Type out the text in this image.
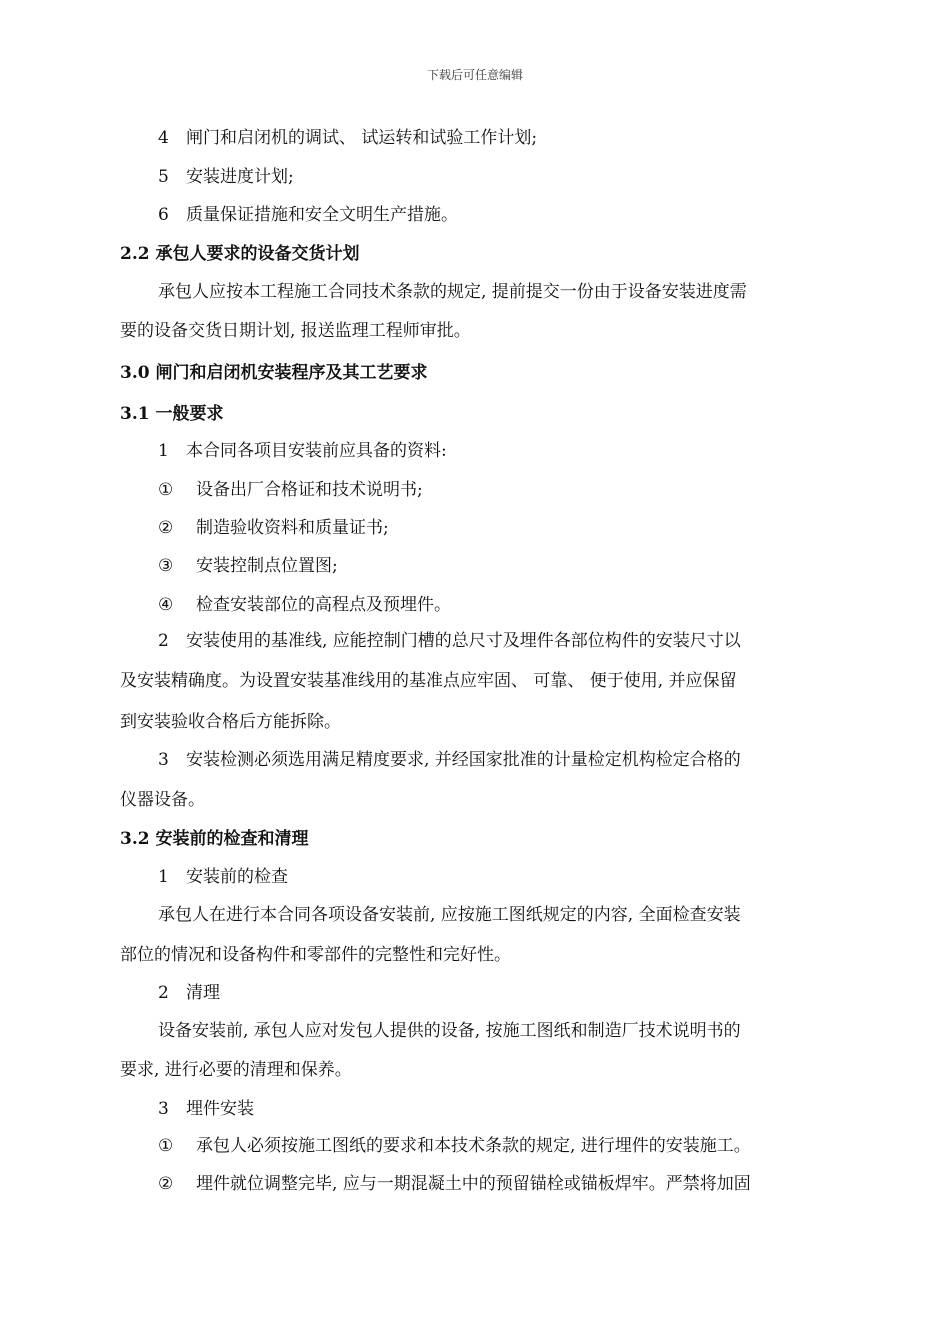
下载后可任意编辑
4 闸门和启闭机的调试、 试运转和试验工作计划;
5 安装进度计划;
6 质量保证措施和安全文明生产措施。
2.2 承包人要求的设备交货计划
承包人应按本工程施工合同技术条款的规定, 提前提交一份由于设备安装进度需
要的设备交货日期计划, 报送监理工程师审批。
3.0 闸门和启闭机安装程序及其工艺要求
3.1 一般要求
1 本合同各项目安装前应具备的资料:
① 设备出厂合格证和技术说明书;
② 制造验收资料和质量证书;
③ 安装控制点位置图;
④ 检查安装部位的高程点及预埋件。
2 安装使用的基准线, 应能控制门槽的总尺寸及埋件各部位构件的安装尺寸以
及安装精确度。为设置安装基准线用的基准点应牢固、 可靠、 便于使用, 并应保留
到安装验收合格后方能拆除。
3 安装检测必须选用满足精度要求, 并经国家批准的计量检定机构检定合格的
仪器设备。
3.2 安装前的检查和清理
1 安装前的检查
承包人在进行本合同各项设备安装前, 应按施工图纸规定的内容, 全面检查安装
部位的情况和设备构件和零部件的完整性和完好性。
2 清理
设备安装前, 承包人应对发包人提供的设备, 按施工图纸和制造厂技术说明书的
要求, 进行必要的清理和保养。
3 埋件安装
① 承包人必须按施工图纸的要求和本技术条款的规定, 进行埋件的安装施工。
② 埋件就位调整完毕, 应与一期混凝土中的预留锚栓或锚板焊牢。严禁将加固
